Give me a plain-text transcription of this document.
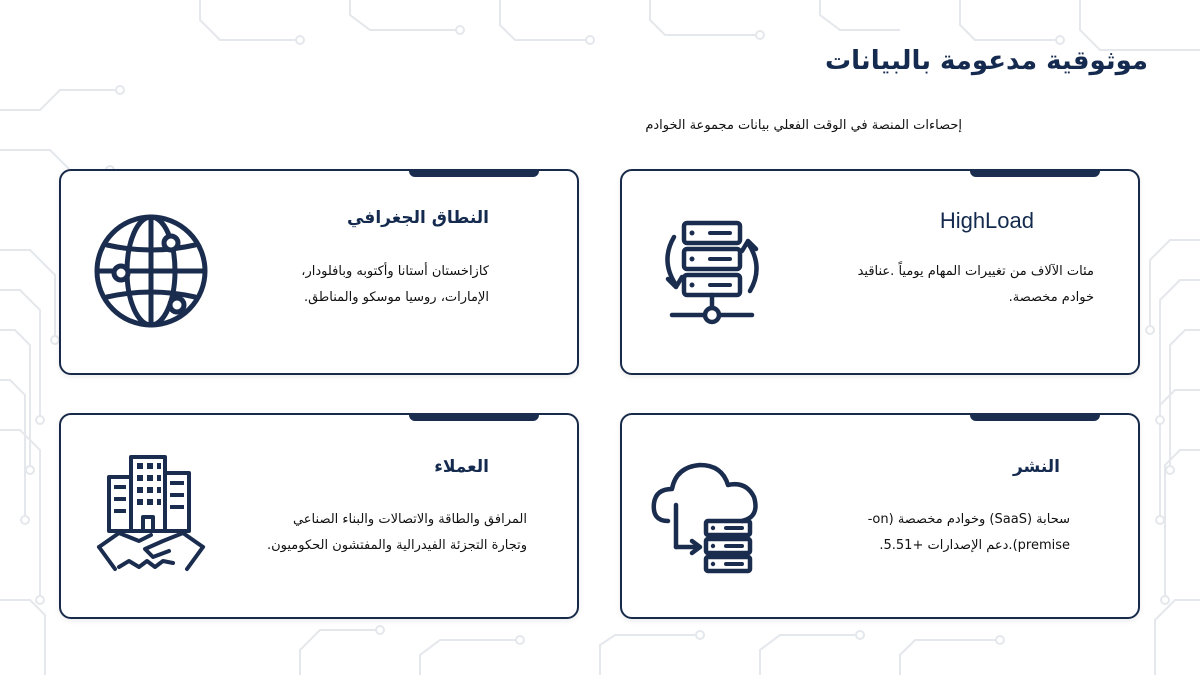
موثوقية مدعومة بالبيانات
إحصاءات المنصة في الوقت الفعلي بيانات مجموعة الخوادم
النطاق الجغرافي
كازاخستان أستانا وأكتوبه وبافلودار،
الإمارات، روسيا موسكو والمناطق.
HighLoad
مئات الآلاف من تغييرات المهام يومياً .عناقيد
خوادم مخصصة.
العملاء
المرافق والطاقة والاتصالات والبناء الصناعي
وتجارة التجزئة الفيدرالية والمفتشون الحكوميون.
النشر
سحابة (SaaS) وخوادم مخصصة (on-
premise).دعم الإصدارات +5.51.
